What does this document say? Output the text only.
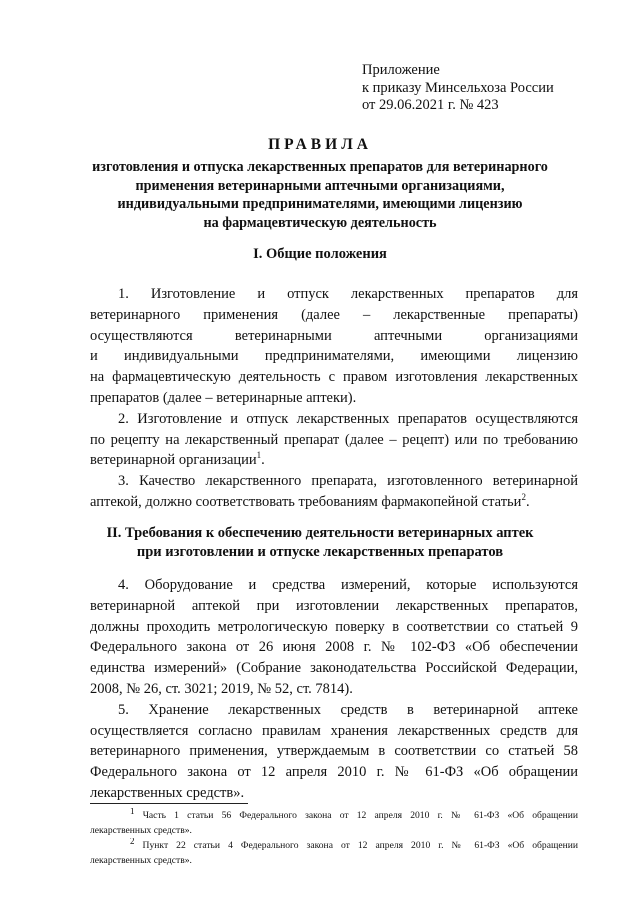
Приложение
к приказу Минсельхоза России
от 29.06.2021 г. № 423
ПРАВИЛА
изготовления и отпуска лекарственных препаратов для ветеринарного
применения ветеринарными аптечными организациями,
индивидуальными предпринимателями, имеющими лицензию
на фармацевтическую деятельность
I. Общие положения
1. Изготовление и отпуск лекарственных препаратов для
ветеринарного применения (далее – лекарственные препараты)
осуществляются ветеринарными аптечными организациями
и индивидуальными предпринимателями, имеющими лицензию
на фармацевтическую деятельность с правом изготовления лекарственных
препаратов (далее – ветеринарные аптеки).
2. Изготовление и отпуск лекарственных препаратов осуществляются
по рецепту на лекарственный препарат (далее – рецепт) или по требованию
ветеринарной организации$^1$.
3. Качество лекарственного препарата, изготовленного ветеринарной
аптекой, должно соответствовать требованиям фармакопейной статьи$^2$.
II. Требования к обеспечению деятельности ветеринарных аптек
при изготовлении и отпуске лекарственных препаратов
4. Оборудование и средства измерений, которые используются
ветеринарной аптекой при изготовлении лекарственных препаратов,
должны проходить метрологическую поверку в соответствии со статьей 9
Федерального закона от 26 июня 2008 г. № 102-ФЗ «Об обеспечении
единства измерений» (Собрание законодательства Российской Федерации,
2008, № 26, ст. 3021; 2019, № 52, ст. 7814).
5. Хранение лекарственных средств в ветеринарной аптеке
осуществляется согласно правилам хранения лекарственных средств для
ветеринарного применения, утверждаемым в соответствии со статьей 58
Федерального закона от 12 апреля 2010 г. № 61-ФЗ «Об обращении
лекарственных средств».
$^1$ Часть 1 статьи 56 Федерального закона от 12 апреля 2010 г. № 61-ФЗ «Об обращении
лекарственных средств».
$^2$ Пункт 22 статьи 4 Федерального закона от 12 апреля 2010 г. № 61-ФЗ «Об обращении
лекарственных средств».
